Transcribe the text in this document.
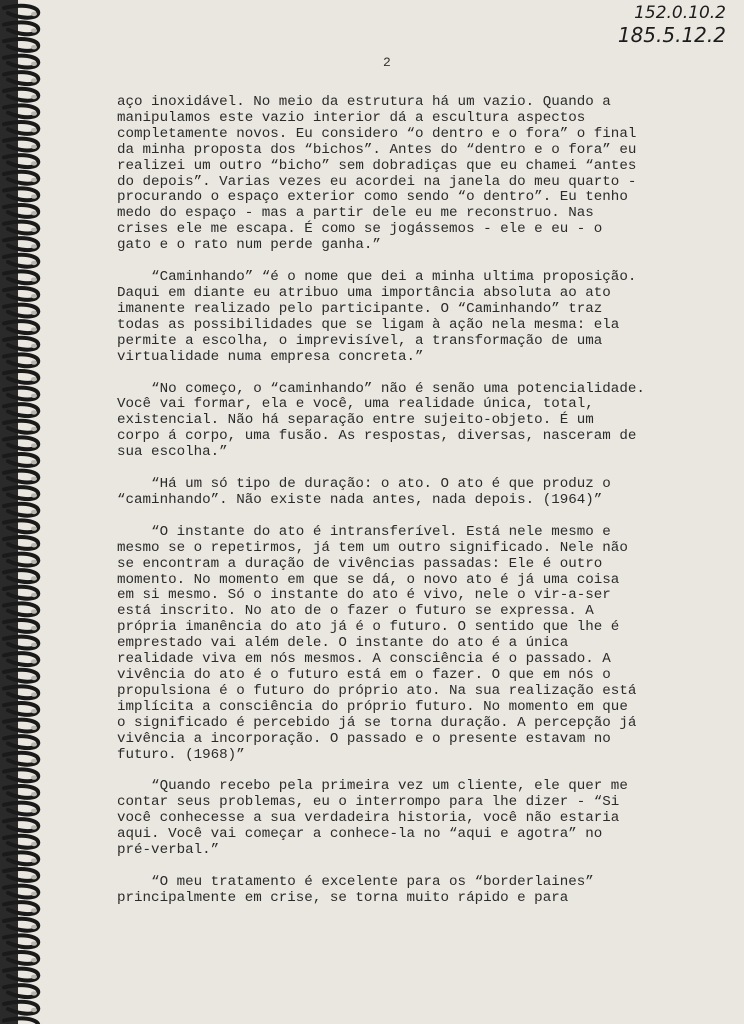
152.0.10.2
185.5.12.2
2

aço inoxidável. No meio da estrutura há um vazio. Quando a
manipulamos este vazio interior dá a escultura aspectos
completamente novos. Eu considero “o dentro e o fora” o final
da minha proposta dos “bichos”. Antes do “dentro e o fora” eu
realizei um outro “bicho” sem dobradiças que eu chamei “antes
do depois”. Varias vezes eu acordei na janela do meu quarto -
procurando o espaço exterior como sendo “o dentro”. Eu tenho
medo do espaço - mas a partir dele eu me reconstruo. Nas
crises ele me escapa. É como se jogássemos - ele e eu - o
gato e o rato num perde ganha.”

“Caminhando” “é o nome que dei a minha ultima proposição.
Daqui em diante eu atribuo uma importância absoluta ao ato
imanente realizado pelo participante. O “Caminhando” traz
todas as possibilidades que se ligam à ação nela mesma: ela
permite a escolha, o imprevisível, a transformação de uma
virtualidade numa empresa concreta.”

“No começo, o “caminhando” não é senão uma potencialidade.
Você vai formar, ela e você, uma realidade única, total,
existencial. Não há separação entre sujeito-objeto. É um
corpo á corpo, uma fusão. As respostas, diversas, nasceram de
sua escolha.”

“Há um só tipo de duração: o ato. O ato é que produz o
“caminhando”. Não existe nada antes, nada depois. (1964)”

“O instante do ato é intransferível. Está nele mesmo e
mesmo se o repetirmos, já tem um outro significado. Nele não
se encontram a duração de vivências passadas: Ele é outro
momento. No momento em que se dá, o novo ato é já uma coisa
em si mesmo. Só o instante do ato é vivo, nele o vir-a-ser
está inscrito. No ato de o fazer o futuro se expressa. A
própria imanência do ato já é o futuro. O sentido que lhe é
emprestado vai além dele. O instante do ato é a única
realidade viva em nós mesmos. A consciência é o passado. A
vivência do ato é o futuro está em o fazer. O que em nós o
propulsiona é o futuro do próprio ato. Na sua realização está
implícita a consciência do próprio futuro. No momento em que
o significado é percebido já se torna duração. A percepção já
vivência a incorporação. O passado e o presente estavam no
futuro. (1968)”

“Quando recebo pela primeira vez um cliente, ele quer me
contar seus problemas, eu o interrompo para lhe dizer - “Si
você conhecesse a sua verdadeira historia, você não estaria
aqui. Você vai começar a conhece-la no “aqui e agotra” no
pré-verbal.”

“O meu tratamento é excelente para os “borderlaines”
principalmente em crise, se torna muito rápido e para
